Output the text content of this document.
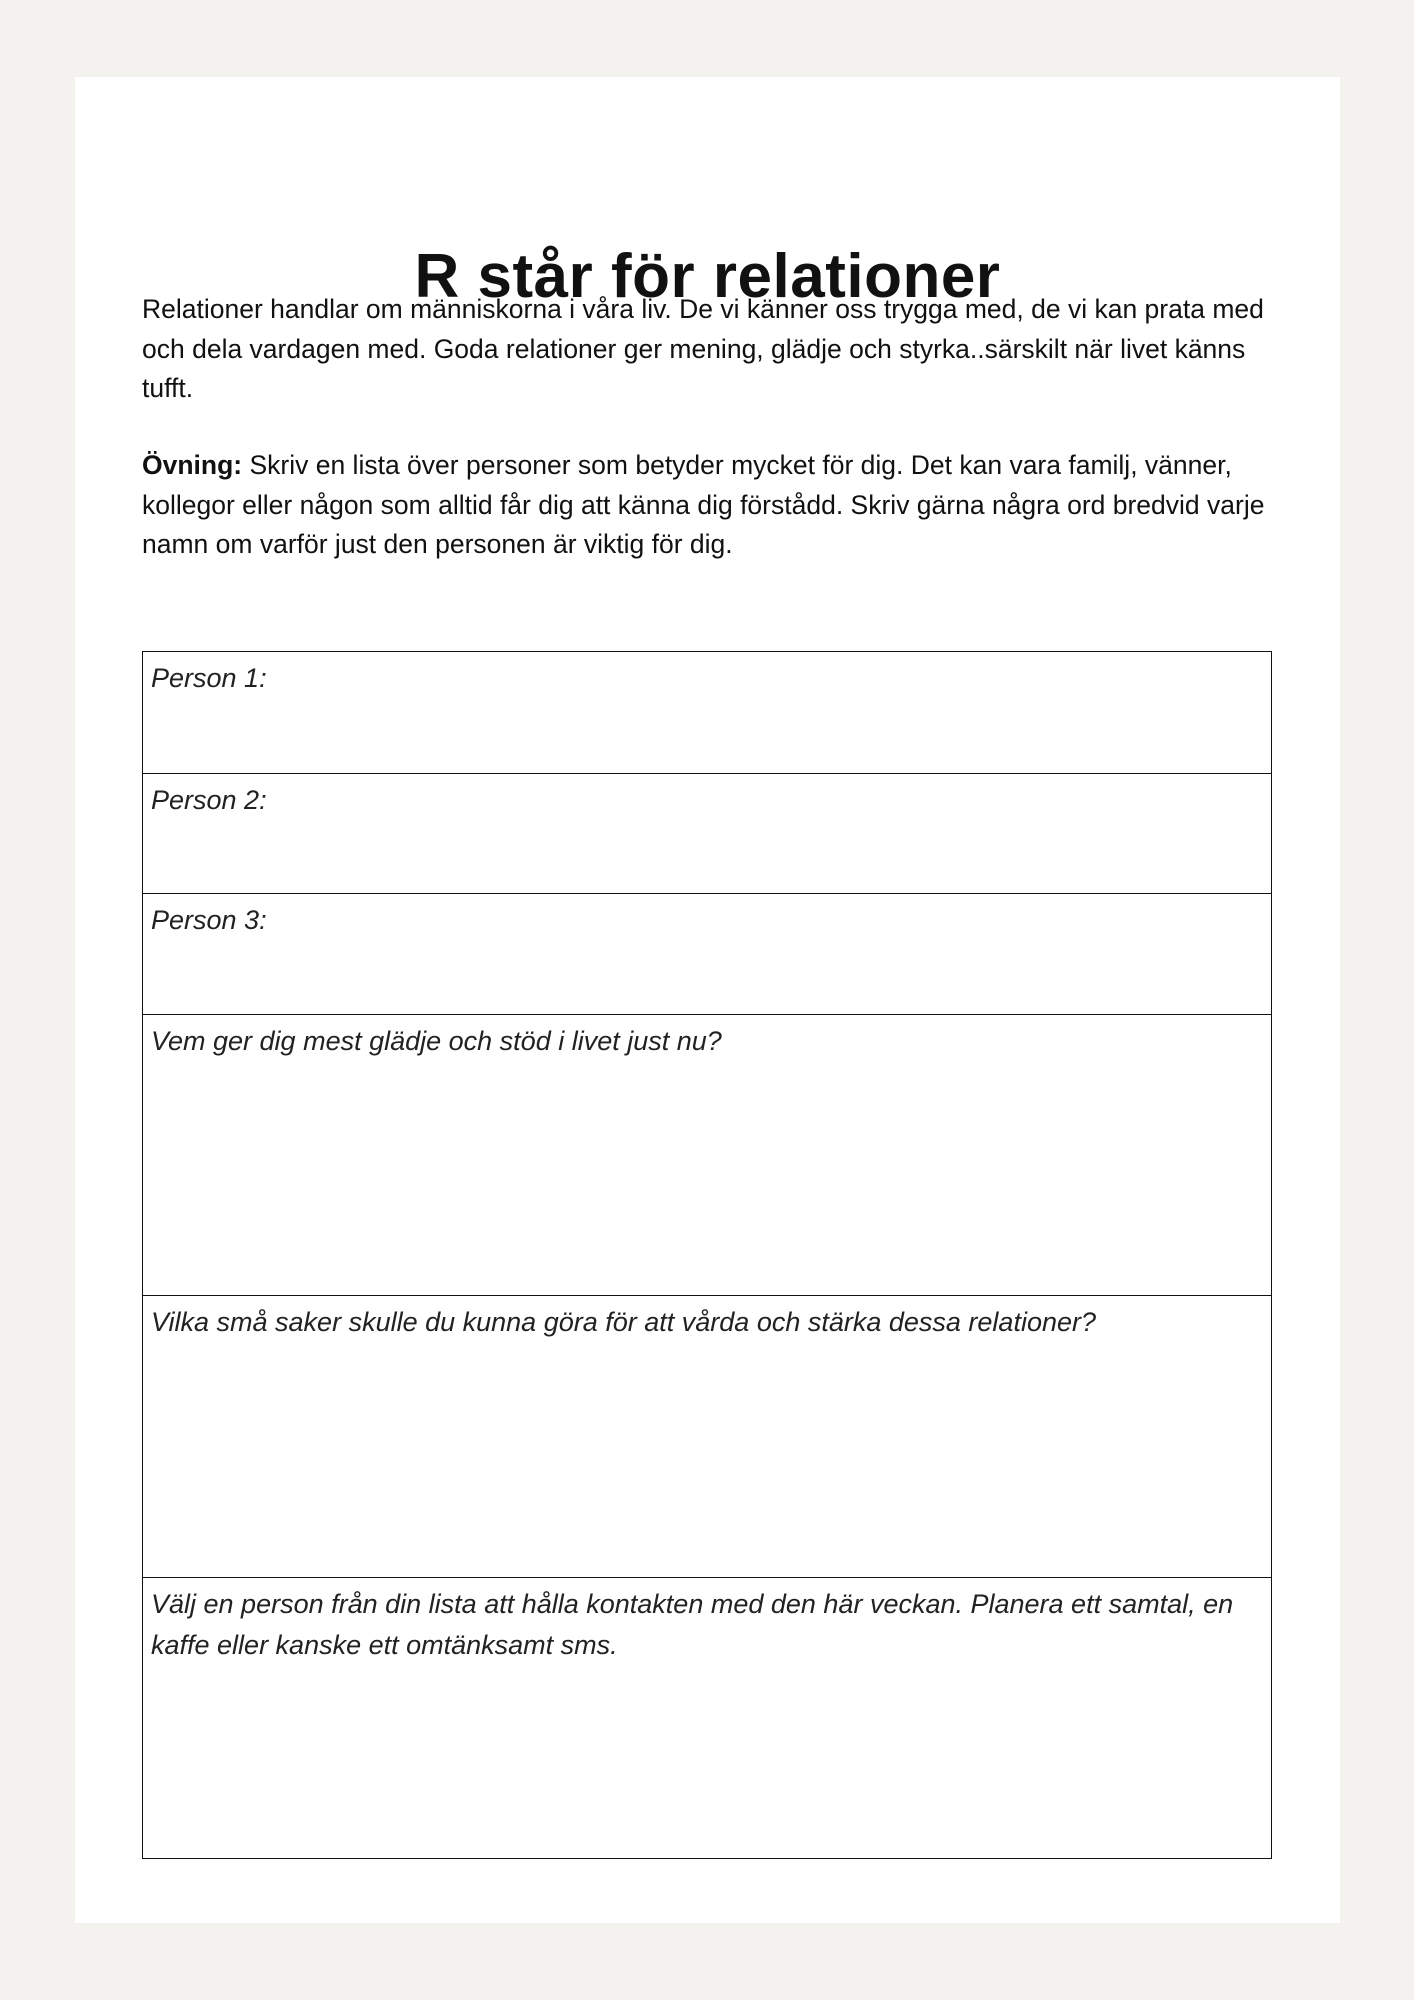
R står för relationer

Relationer handlar om människorna i våra liv. De vi känner oss trygga med, de vi kan prata med och dela vardagen med. Goda relationer ger mening, glädje och styrka..särskilt när livet känns tufft.

Övning: Skriv en lista över personer som betyder mycket för dig. Det kan vara familj, vänner, kollegor eller någon som alltid får dig att känna dig förstådd. Skriv gärna några ord bredvid varje namn om varför just den personen är viktig för dig.

Person 1:
Person 2:
Person 3:
Vem ger dig mest glädje och stöd i livet just nu?
Vilka små saker skulle du kunna göra för att vårda och stärka dessa relationer?
Välj en person från din lista att hålla kontakten med den här veckan. Planera ett samtal, en kaffe eller kanske ett omtänksamt sms.
